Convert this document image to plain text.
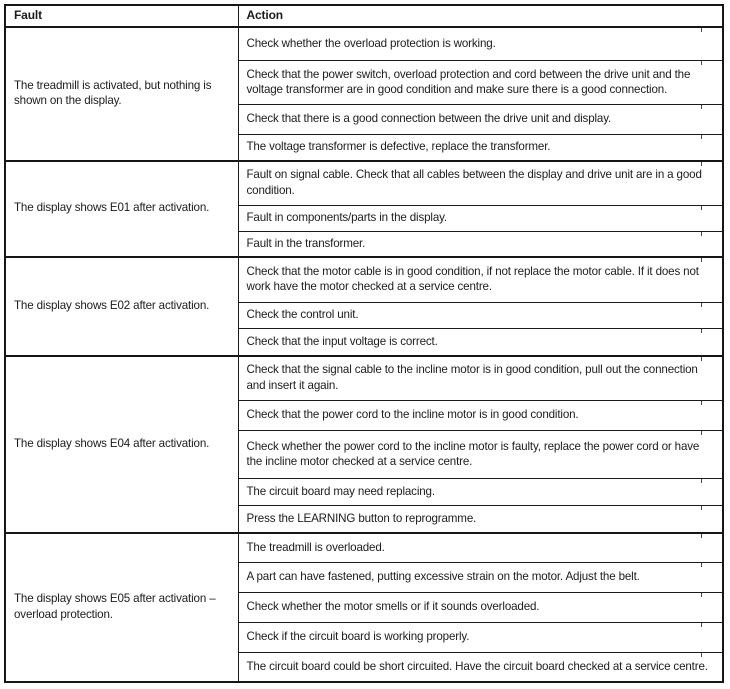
Fault	Action
The treadmill is activated, but nothing is shown on the display.	Check whether the overload protection is working.
	Check that the power switch, overload protection and cord between the drive unit and the voltage transformer are in good condition and make sure there is a good connection.
	Check that there is a good connection between the drive unit and display.
	The voltage transformer is defective, replace the transformer.
The display shows E01 after activation.	Fault on signal cable. Check that all cables between the display and drive unit are in a good condition.
	Fault in components/parts in the display.
	Fault in the transformer.
The display shows E02 after activation.	Check that the motor cable is in good condition, if not replace the motor cable. If it does not work have the motor checked at a service centre.
	Check the control unit.
	Check that the input voltage is correct.
The display shows E04 after activation.	Check that the signal cable to the incline motor is in good condition, pull out the connection and insert it again.
	Check that the power cord to the incline motor is in good condition.
	Check whether the power cord to the incline motor is faulty, replace the power cord or have the incline motor checked at a service centre.
	The circuit board may need replacing.
	Press the LEARNING button to reprogramme.
The display shows E05 after activation – overload protection.	The treadmill is overloaded.
	A part can have fastened, putting excessive strain on the motor. Adjust the belt.
	Check whether the motor smells or if it sounds overloaded.
	Check if the circuit board is working properly.
	The circuit board could be short circuited. Have the circuit board checked at a service centre.
